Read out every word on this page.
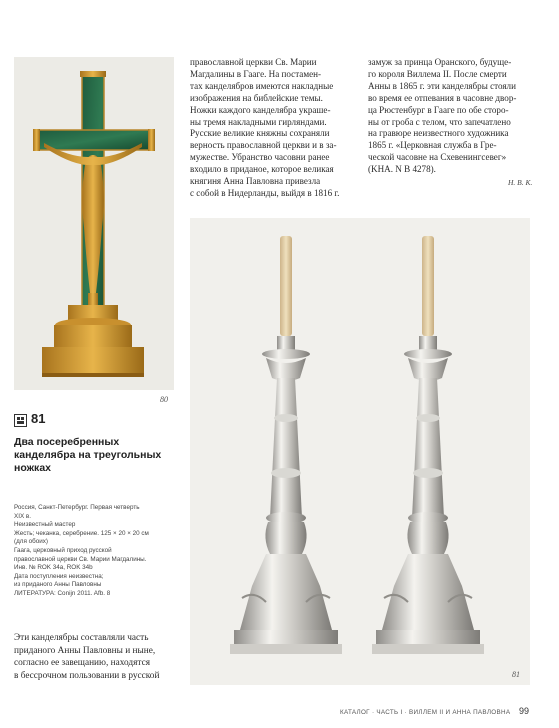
80
81
Два посеребренных
канделябра на треугольных
ножках
Россия, Санкт-Петербург. Первая четверть
XIX в.
Неизвестный мастер
Жесть; чеканка, серебрение. 125 × 20 × 20 см
(для обоих)
Гаага, церковный приход русской
православной церкви Св. Марии Магдалины.
Инв. № ROK 34a, ROK 34b
Дата поступления неизвестна;
из приданого Анны Павловны
ЛИТЕРАТУРА: Conijn 2011. Afb. 8
Эти канделябры составляли часть
приданого Анны Павловны и ныне,
согласно ее завещанию, находятся
в бессрочном пользовании в русской
православной церкви Св. Марии
Магдалины в Гааге. На постамен-
тах канделябров имеются накладные
изображения на библейские темы.
Ножки каждого канделябра украше-
ны тремя накладными гирляндами.
Русские великие княжны сохраняли
верность православной церкви и в за-
мужестве. Убранство часовни ранее
входило в приданое, которое великая
княгиня Анна Павловна привезла
с собой в Нидерланды, выйдя в 1816 г.
замуж за принца Оранского, будуще-
го короля Виллема II. После смерти
Анны в 1865 г. эти канделябры стояли
во время ее отпевания в часовне двор-
ца Рюстенбург в Гааге по обе сторо-
ны от гроба с телом, что запечатлено
на гравюре неизвестного художника
1865 г. «Церковная служба в Гре-
ческой часовне на Схевенингсевег»
(KHA. N B 4278).
Н. В. К.
81
КАТАЛОГ · ЧАСТЬ I · ВИЛЛЕМ II И АННА ПАВЛОВНА 99
